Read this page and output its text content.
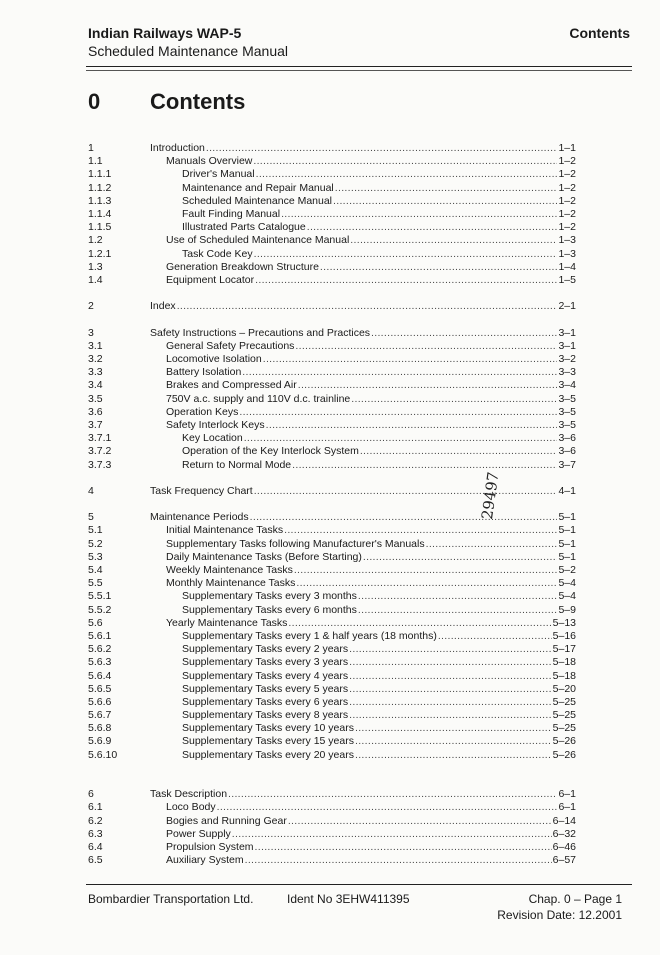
Indian Railways WAP-5
Scheduled Maintenance Manual
Contents
0 Contents
1	Introduction .....	1–1
1.1	Manuals Overview .....	1–2
1.1.1	Driver's Manual .....	1–2
1.1.2	Maintenance and Repair Manual .....	1–2
1.1.3	Scheduled Maintenance Manual .....	1–2
1.1.4	Fault Finding Manual .....	1–2
1.1.5	Illustrated Parts Catalogue .....	1–2
1.2	Use of Scheduled Maintenance Manual .....	1–3
1.2.1	Task Code Key .....	1–3
1.3	Generation Breakdown Structure .....	1–4
1.4	Equipment Locator .....	1–5
2	Index .....	2–1
3	Safety Instructions – Precautions and Practices .....	3–1
3.1	General Safety Precautions .....	3–1
3.2	Locomotive Isolation .....	3–2
3.3	Battery Isolation .....	3–3
3.4	Brakes and Compressed Air .....	3–4
3.5	750V a.c. supply and 110V d.c. trainline .....	3–5
3.6	Operation Keys .....	3–5
3.7	Safety Interlock Keys .....	3–5
3.7.1	Key Location .....	3–6
3.7.2	Operation of the Key Interlock System .....	3–6
3.7.3	Return to Normal Mode .....	3–7
4	Task Frequency Chart .....	4–1
5	Maintenance Periods .....	5–1
5.1	Initial Maintenance Tasks .....	5–1
5.2	Supplementary Tasks following Manufacturer's Manuals .....	5–1
5.3	Daily Maintenance Tasks (Before Starting) .....	5–1
5.4	Weekly Maintenance Tasks .....	5–2
5.5	Monthly Maintenance Tasks .....	5–4
5.5.1	Supplementary Tasks every 3 months .....	5–4
5.5.2	Supplementary Tasks every 6 months .....	5–9
5.6	Yearly Maintenance Tasks .....	5–13
5.6.1	Supplementary Tasks every 1 & half years (18 months) .....	5–16
5.6.2	Supplementary Tasks every 2 years .....	5–17
5.6.3	Supplementary Tasks every 3 years .....	5–18
5.6.4	Supplementary Tasks every 4 years .....	5–18
5.6.5	Supplementary Tasks every 5 years .....	5–20
5.6.6	Supplementary Tasks every 6 years .....	5–25
5.6.7	Supplementary Tasks every 8 years .....	5–25
5.6.8	Supplementary Tasks every 10 years .....	5–25
5.6.9	Supplementary Tasks every 15 years .....	5–26
5.6.10	Supplementary Tasks every 20 years .....	5–26
6	Task Description .....	6–1
6.1	Loco Body .....	6–1
6.2	Bogies and Running Gear .....	6–14
6.3	Power Supply .....	6–32
6.4	Propulsion System .....	6–46
6.5	Auxiliary System .....	6–57
29497
Bombardier Transportation Ltd.	Ident No 3EHW411395	Chap. 0 – Page 1
Revision Date: 12.2001
